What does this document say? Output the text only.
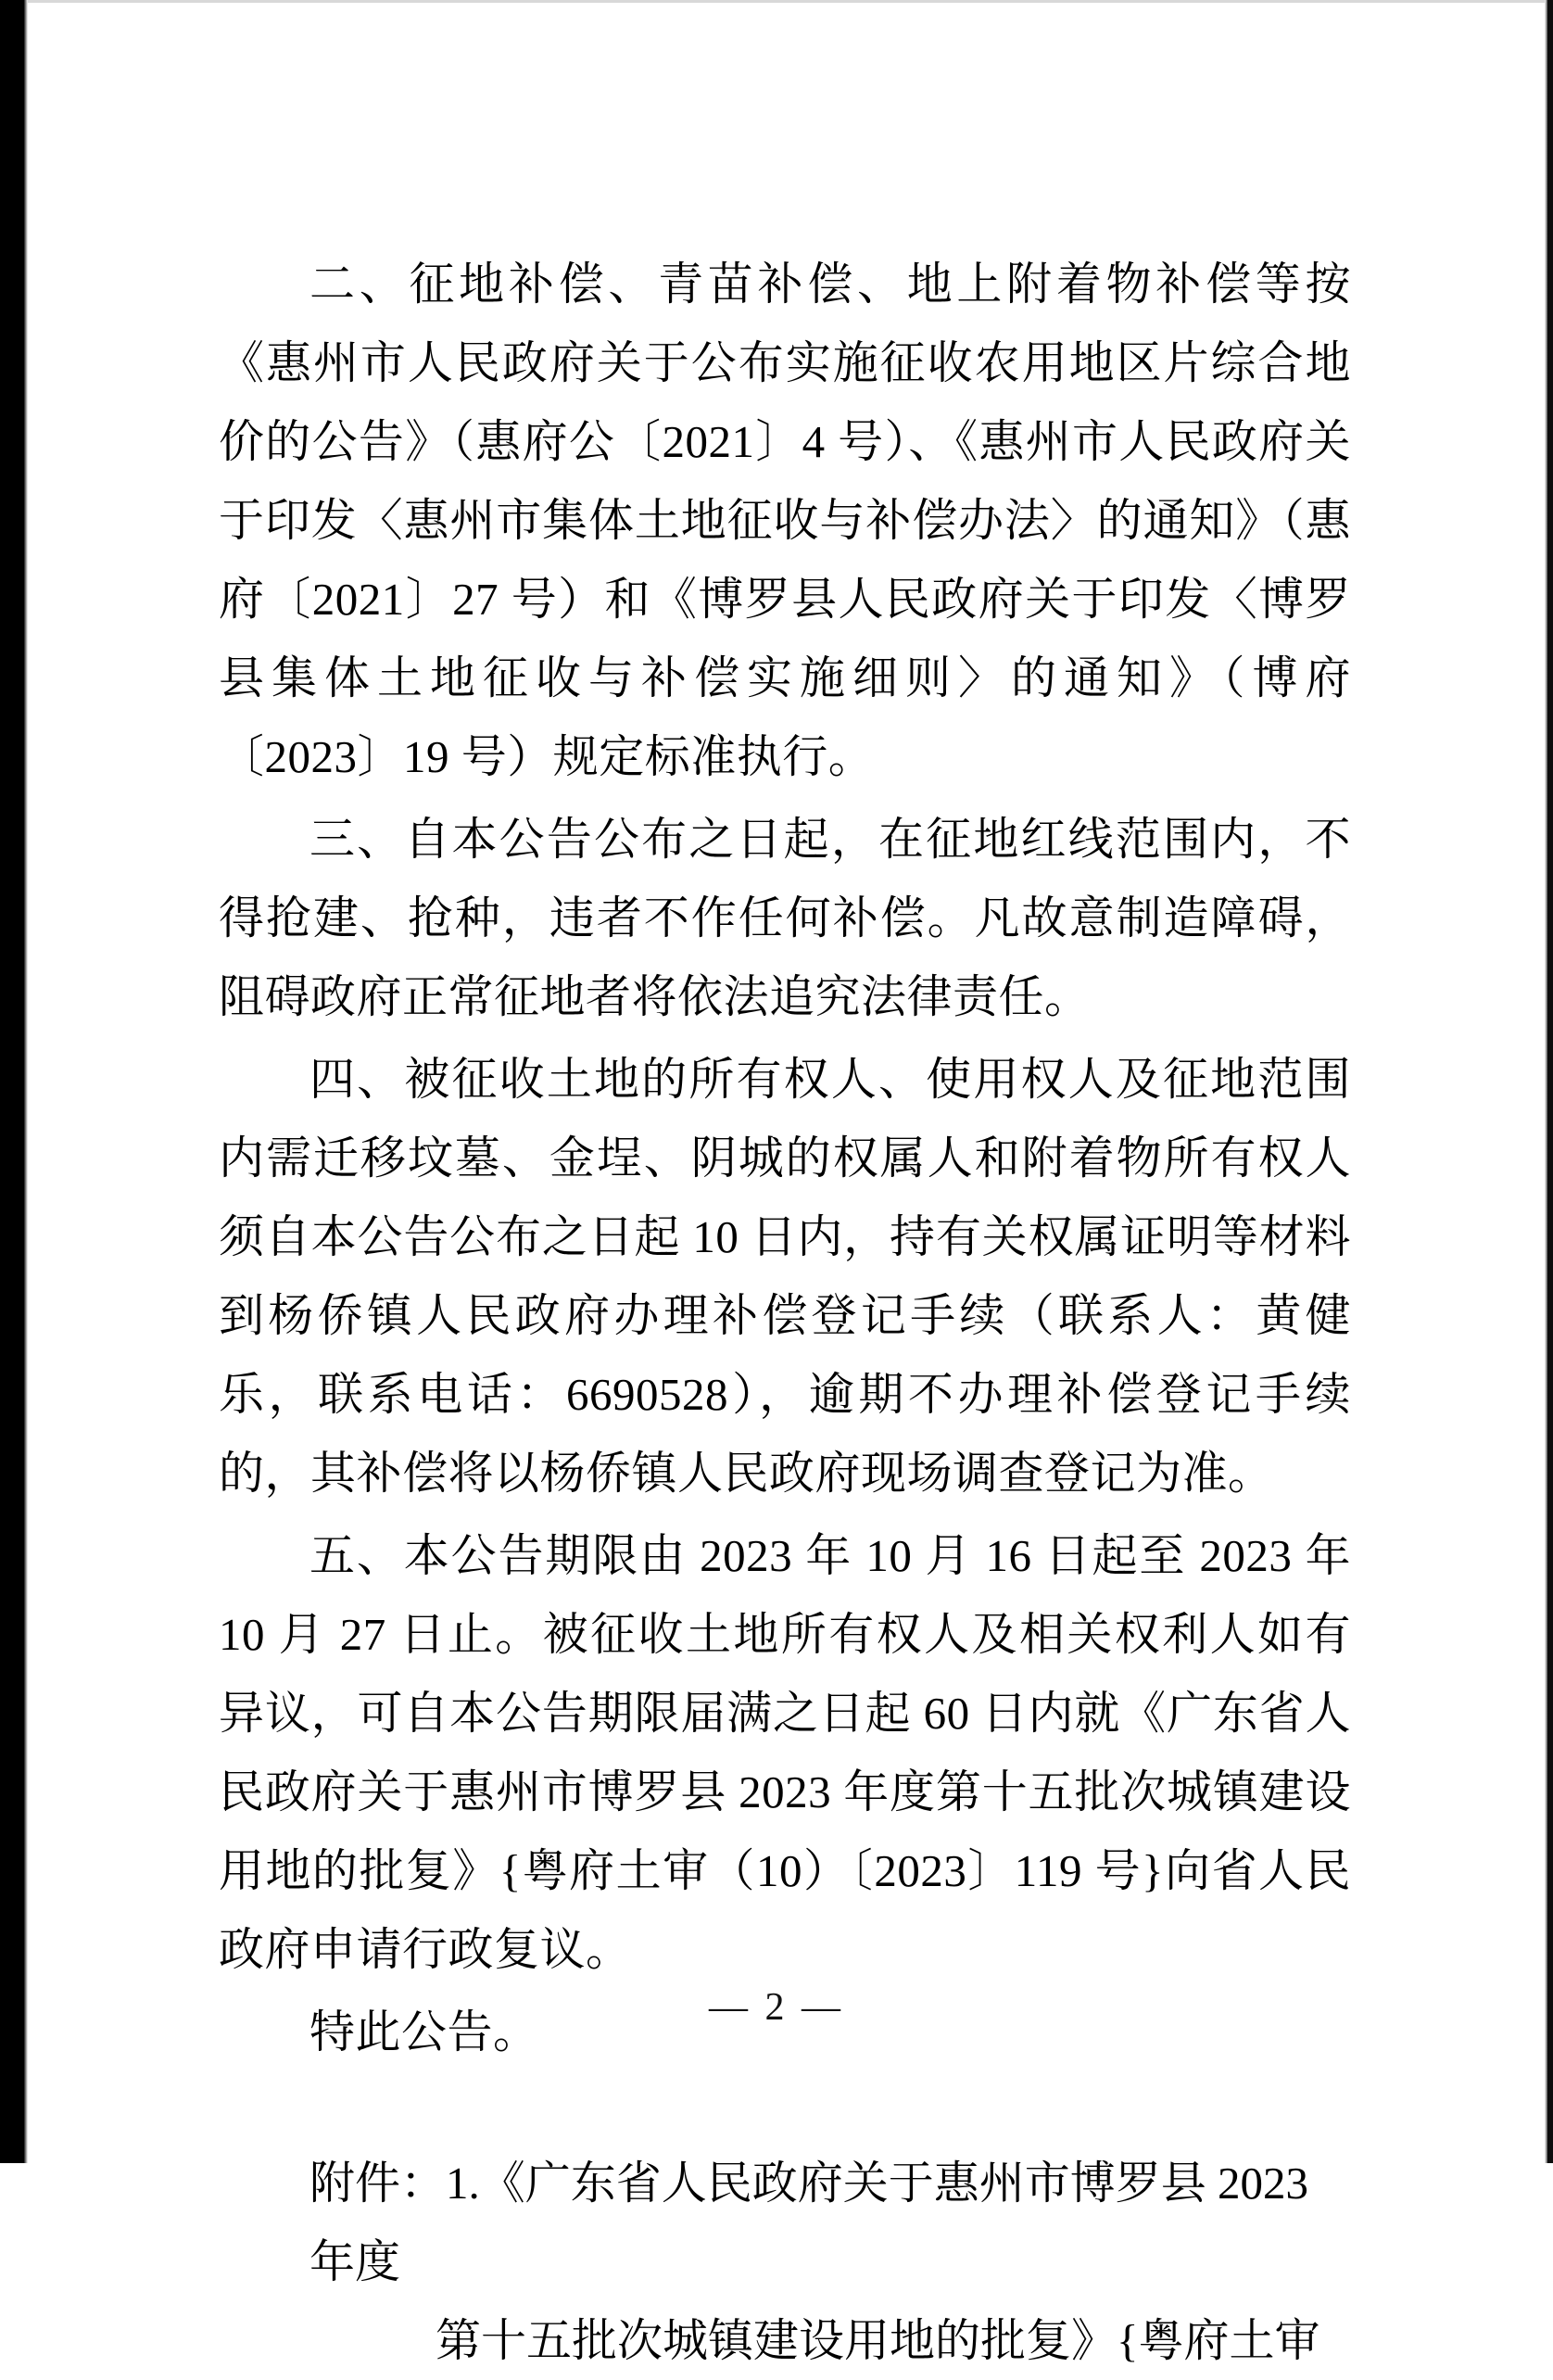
二、征地补偿、青苗补偿、地上附着物补偿等按《惠州市人民政府关于公布实施征收农用地区片综合地价的公告》（惠府公〔2021〕4 号）、《惠州市人民政府关于印发〈惠州市集体土地征收与补偿办法〉的通知》（惠府〔2021〕27 号）和《博罗县人民政府关于印发〈博罗县集体土地征收与补偿实施细则〉的通知》（博府〔2023〕19 号）规定标准执行。

三、自本公告公布之日起，在征地红线范围内，不得抢建、抢种，违者不作任何补偿。凡故意制造障碍，阻碍政府正常征地者将依法追究法律责任。

四、被征收土地的所有权人、使用权人及征地范围内需迁移坟墓、金埕、阴城的权属人和附着物所有权人须自本公告公布之日起 10 日内，持有关权属证明等材料到杨侨镇人民政府办理补偿登记手续（联系人：黄健乐，联系电话：6690528），逾期不办理补偿登记手续的，其补偿将以杨侨镇人民政府现场调查登记为准。

五、本公告期限由 2023 年 10 月 16 日起至 2023 年 10 月 27 日止。被征收土地所有权人及相关权利人如有异议，可自本公告期限届满之日起 60 日内就《广东省人民政府关于惠州市博罗县 2023 年度第十五批次城镇建设用地的批复》{粤府土审（10）〔2023〕119 号}向省人民政府申请行政复议。

特此公告。

附件：1.《广东省人民政府关于惠州市博罗县 2023 年度
第十五批次城镇建设用地的批复》{粤府土审
— 2 —
